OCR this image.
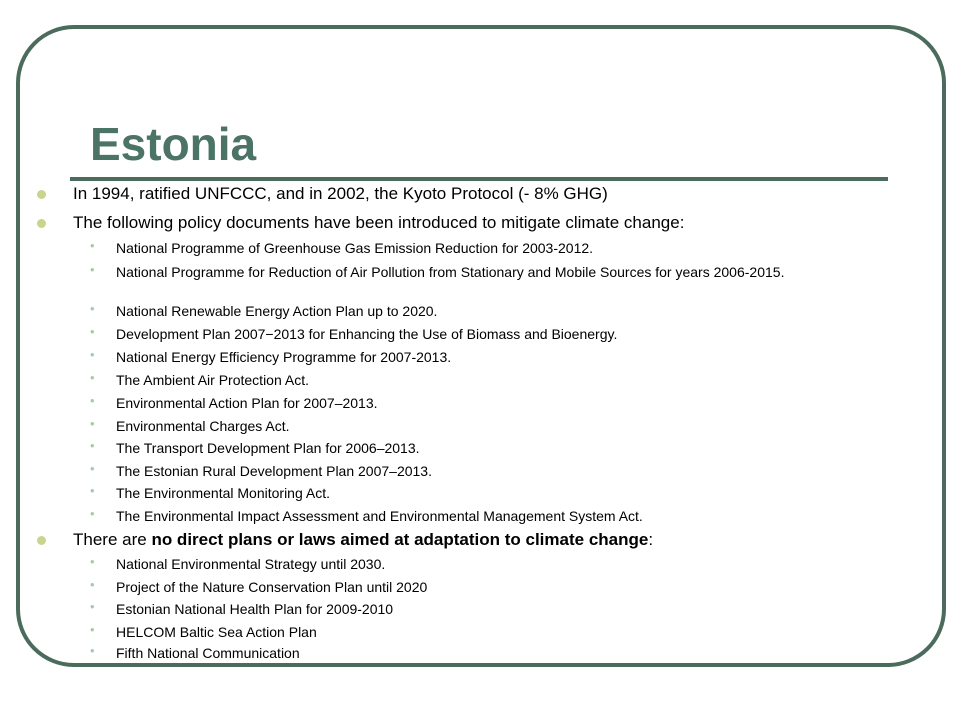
Estonia
In 1994, ratified UNFCCC, and in 2002, the Kyoto Protocol (- 8% GHG)
The following policy documents have been introduced to mitigate climate change:
• National Programme of Greenhouse Gas Emission Reduction for 2003-2012.
• National Programme for Reduction of Air Pollution from Stationary and Mobile Sources for years 2006-2015.
• National Renewable Energy Action Plan up to 2020.
• Development Plan 2007−2013 for Enhancing the Use of Biomass and Bioenergy.
• National Energy Efficiency Programme for 2007-2013.
• The Ambient Air Protection Act.
• Environmental Action Plan for 2007–2013.
• Environmental Charges Act.
• The Transport Development Plan for 2006–2013.
• The Estonian Rural Development Plan 2007–2013.
• The Environmental Monitoring Act.
• The Environmental Impact Assessment and Environmental Management System Act.
There are no direct plans or laws aimed at adaptation to climate change:
• National Environmental Strategy until 2030.
• Project of the Nature Conservation Plan until 2020
• Estonian National Health Plan for 2009-2010
• HELCOM Baltic Sea Action Plan
• Fifth National Communication
